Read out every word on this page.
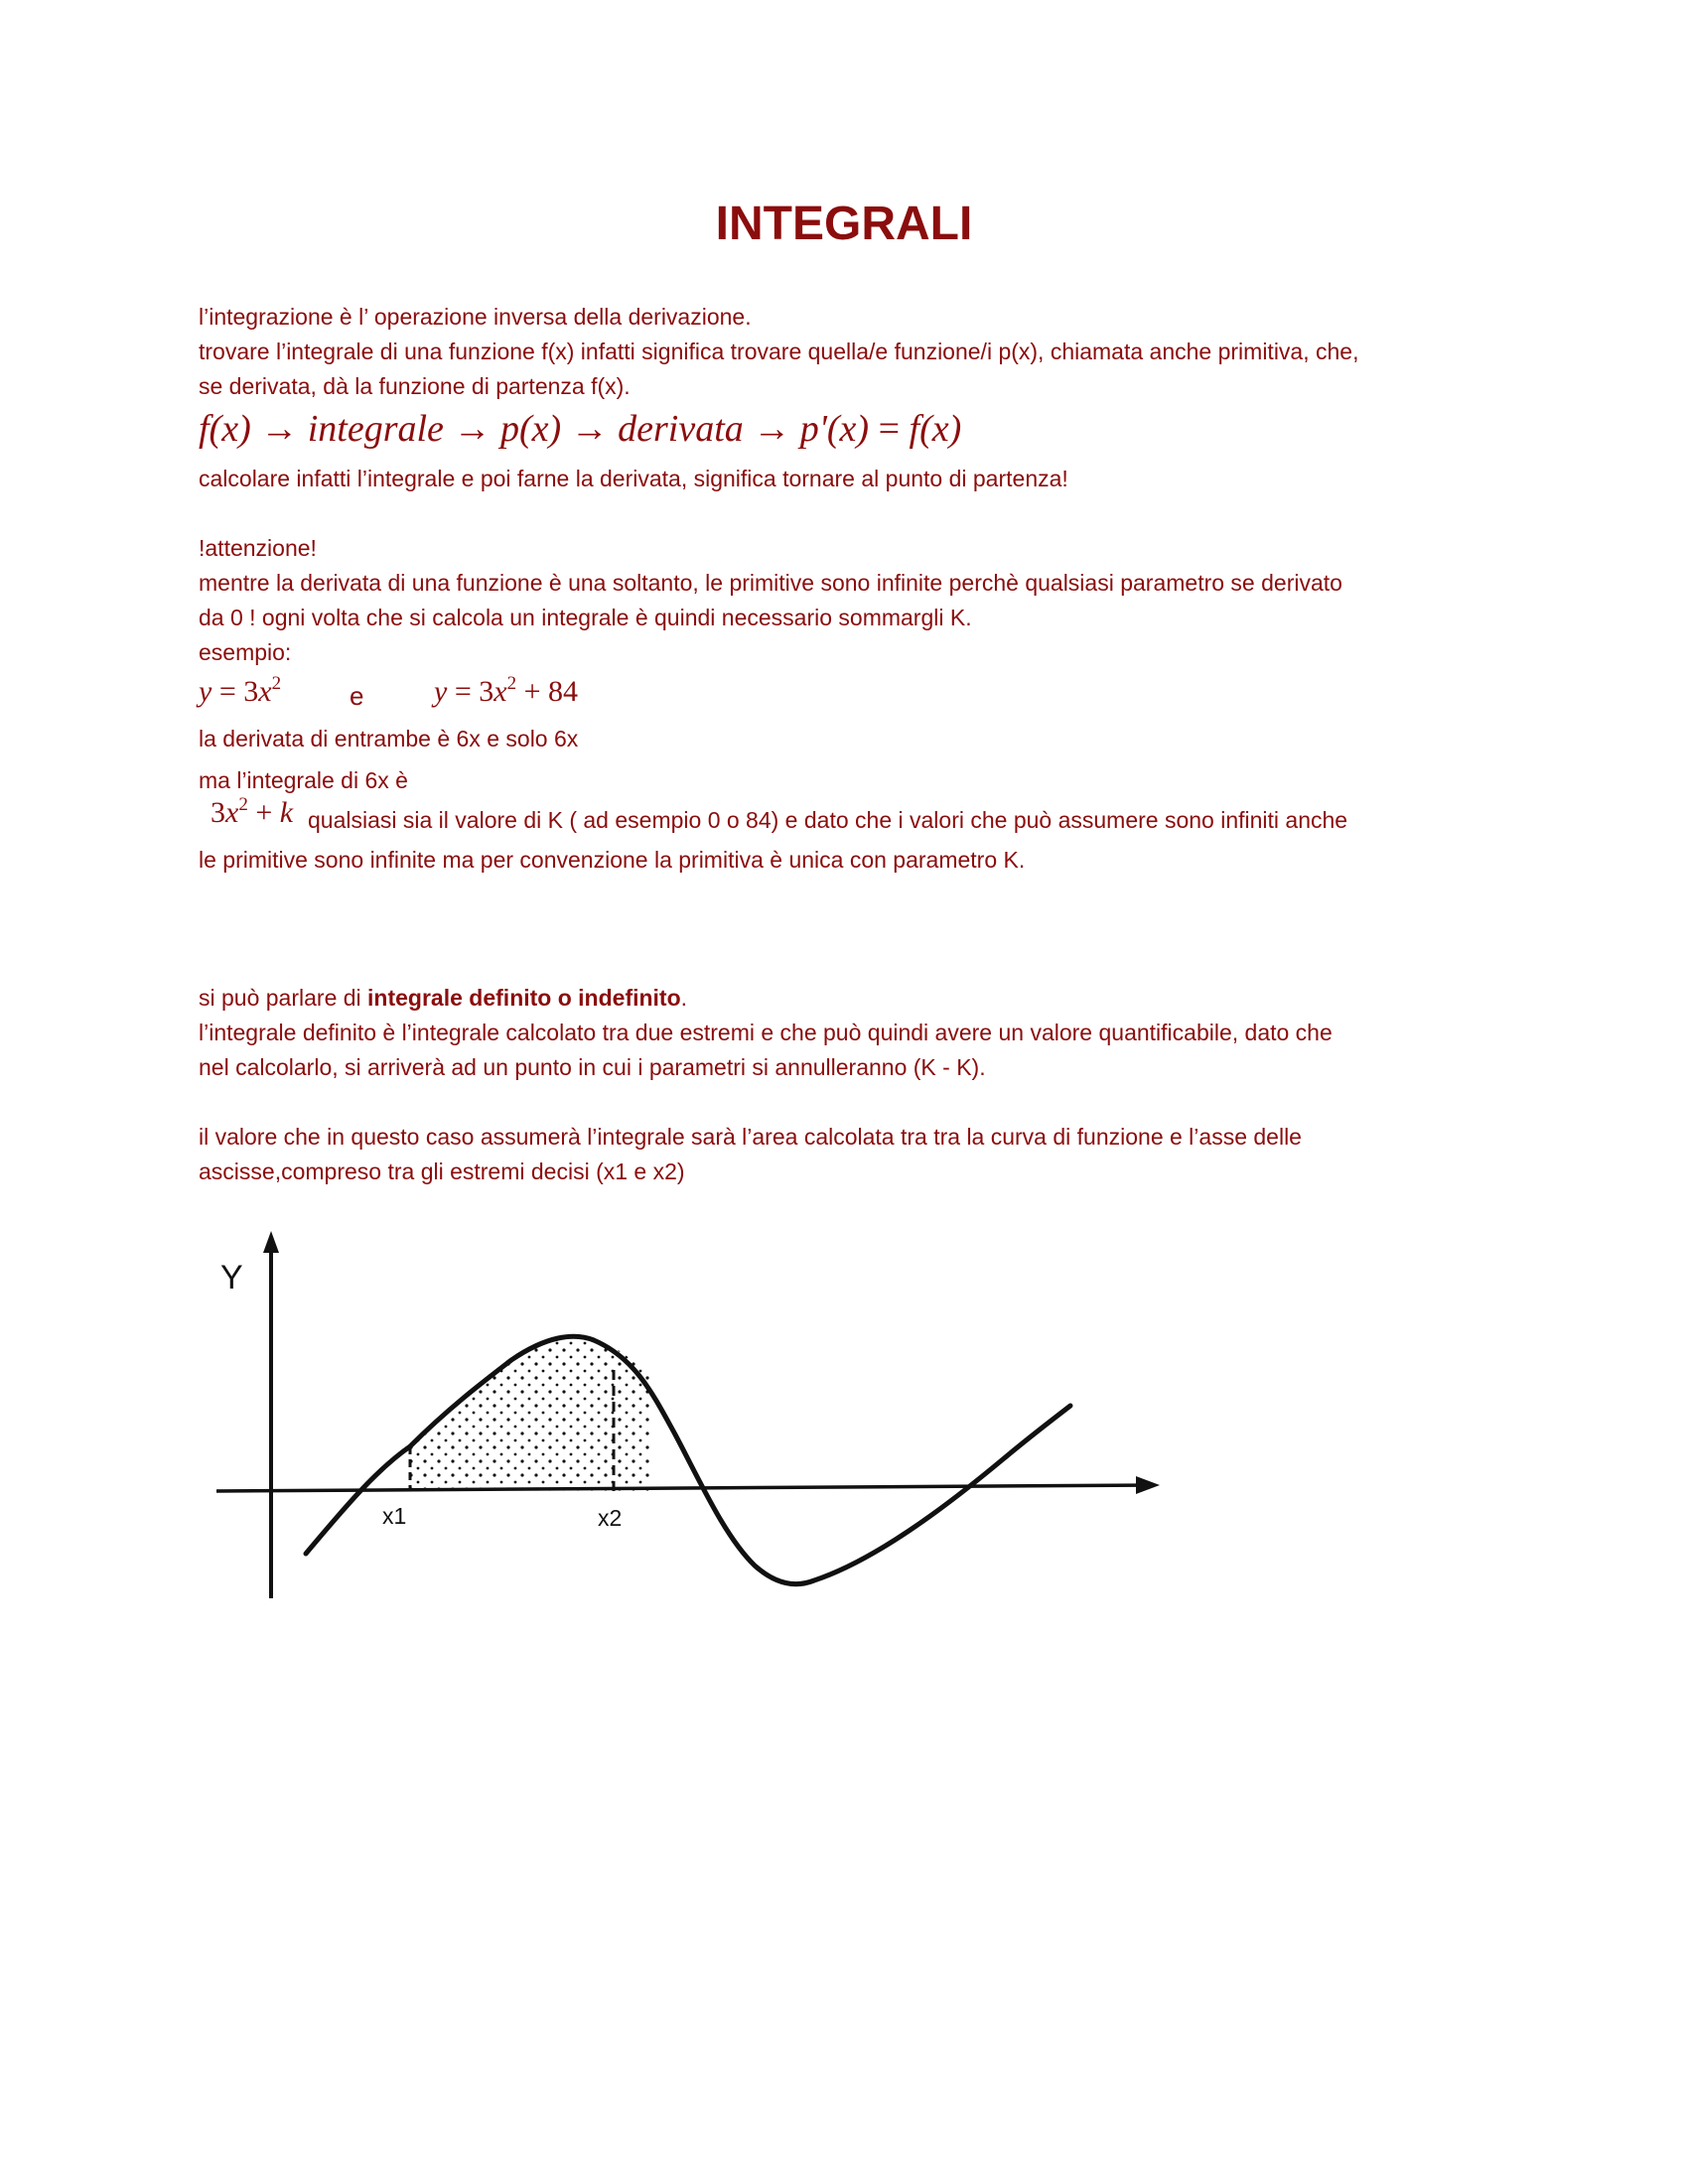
INTEGRALI

l’integrazione è l’ operazione inversa della derivazione.

trovare l’integrale di una funzione f(x) infatti significa trovare quella/e funzione/i p(x), chiamata anche primitiva, che,

se derivata, dà la funzione di partenza f(x).

f(x) → integrale → p(x) → derivata → p'(x) = f(x)

calcolare infatti l’integrale e poi farne la derivata, significa tornare al punto di partenza!

!attenzione!

mentre la derivata di una funzione è una soltanto, le primitive sono infinite perchè qualsiasi parametro se derivato

da 0 ! ogni volta che si calcola un integrale è quindi necessario sommargli K.

esempio:

$y = 3x^2$	e $y = 3x^2 + 84$

la derivata di entrambe è 6x e solo 6x

ma l’integrale di 6x è

$3x^2 + k$ qualsiasi sia il valore di K ( ad esempio 0 o 84) e dato che i valori che può assumere sono infiniti anche

le primitive sono infinite ma per convenzione la primitiva è unica con parametro K.

si può parlare di integrale definito o indefinito.

l’integrale definito è l’integrale calcolato tra due estremi e che può quindi avere un valore quantificabile, dato che

nel calcolarlo, si arriverà ad un punto in cui i parametri si annulleranno (K - K).

il valore che in questo caso assumerà l’integrale sarà l’area calcolata tra tra la curva di funzione e l’asse delle

ascisse,compreso tra gli estremi decisi (x1 e x2)

Y
x1	x2
